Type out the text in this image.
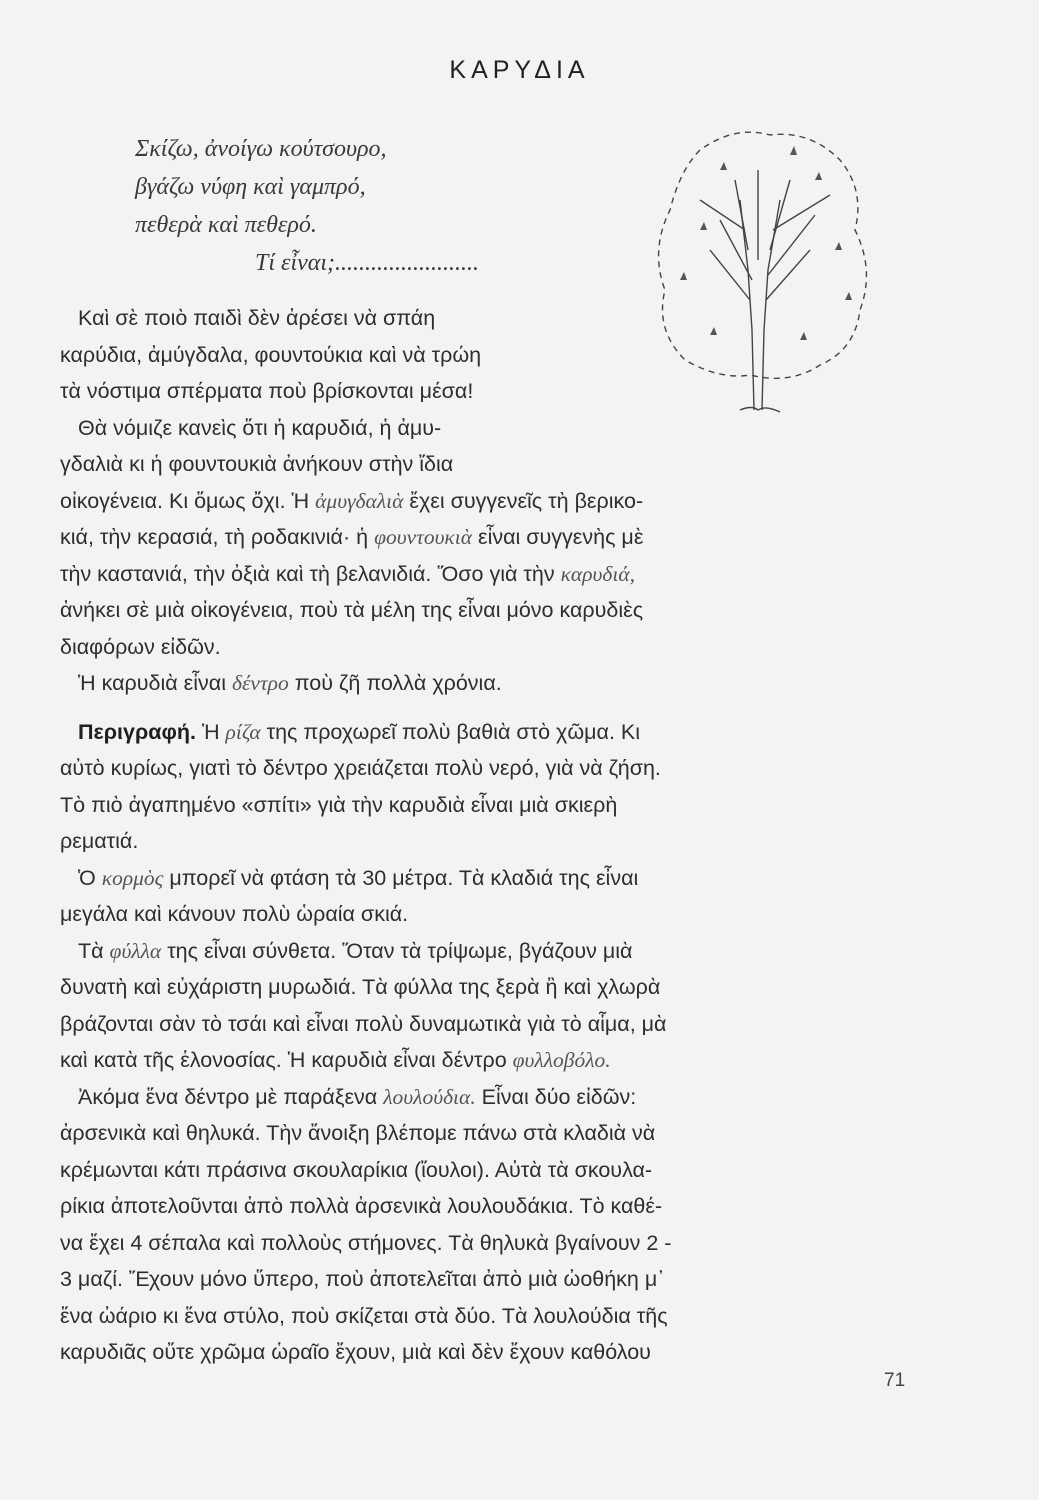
ΚΑΡΥΔΙΑ
Σκίζω, ἀνοίγω κούτσουρο,
βγάζω νύφη καὶ γαμπρό,
πεθερὰ καὶ πεθερό.
Τί εἶναι;........................
Καὶ σὲ ποιὸ παιδὶ δὲν ἀρέσει νὰ σπάη
καρύδια, ἀμύγδαλα, φουντούκια καὶ νὰ τρώη
τὰ νόστιμα σπέρματα ποὺ βρίσκονται μέσα!
Θὰ νόμιζε κανεὶς ὅτι ἡ καρυδιά, ἡ ἀμυ-
γδαλιὰ κι ἡ φουντουκιὰ ἀνήκουν στὴν ἴδια
οἰκογένεια. Κι ὅμως ὄχι. Ἡ ἀμυγδαλιὰ ἔχει συγγενεῖς τὴ βερικο-
κιά, τὴν κερασιά, τὴ ροδακινιά· ἡ φουντουκιὰ εἶναι συγγενὴς μὲ
τὴν καστανιά, τὴν ὀξιὰ καὶ τὴ βελανιδιά. Ὅσο γιὰ τὴν καρυδιά,
ἀνήκει σὲ μιὰ οἰκογένεια, ποὺ τὰ μέλη της εἶναι μόνο καρυδιὲς
διαφόρων εἰδῶν.
Ἡ καρυδιὰ εἶναι δέντρο ποὺ ζῆ πολλὰ χρόνια.
Περιγραφή. Ἡ ρίζα της προχωρεῖ πολὺ βαθιὰ στὸ χῶμα. Κι
αὐτὸ κυρίως, γιατὶ τὸ δέντρο χρειάζεται πολὺ νερό, γιὰ νὰ ζήση.
Τὸ πιὸ ἀγαπημένο «σπίτι» γιὰ τὴν καρυδιὰ εἶναι μιὰ σκιερὴ
ρεματιά.
Ὁ κορμὸς μπορεῖ νὰ φτάση τὰ 30 μέτρα. Τὰ κλαδιά της εἶναι
μεγάλα καὶ κάνουν πολὺ ὡραία σκιά.
Τὰ φύλλα της εἶναι σύνθετα. Ὅταν τὰ τρίψωμε, βγάζουν μιὰ
δυνατὴ καὶ εὐχάριστη μυρωδιά. Τὰ φύλλα της ξερὰ ἢ καὶ χλωρὰ
βράζονται σὰν τὸ τσάι καὶ εἶναι πολὺ δυναμωτικὰ γιὰ τὸ αἷμα, μὰ
καὶ κατὰ τῆς ἑλονοσίας. Ἡ καρυδιὰ εἶναι δέντρο φυλλοβόλο.
Ἀκόμα ἕνα δέντρο μὲ παράξενα λουλούδια. Εἶναι δύο εἰδῶν:
ἀρσενικὰ καὶ θηλυκά. Τὴν ἄνοιξη βλέπομε πάνω στὰ κλαδιὰ νὰ
κρέμωνται κάτι πράσινα σκουλαρίκια (ἴουλοι). Αὐτὰ τὰ σκουλα-
ρίκια ἀποτελοῦνται ἀπὸ πολλὰ ἀρσενικὰ λουλουδάκια. Τὸ καθέ-
να ἔχει 4 σέπαλα καὶ πολλοὺς στήμονες. Τὰ θηλυκὰ βγαίνουν 2 -
3 μαζί. Ἔχουν μόνο ὕπερο, ποὺ ἀποτελεῖται ἀπὸ μιὰ ὠοθήκη μ᾽
ἕνα ὠάριο κι ἕνα στύλο, ποὺ σκίζεται στὰ δύο. Τὰ λουλούδια τῆς
καρυδιᾶς οὔτε χρῶμα ὡραῖο ἔχουν, μιὰ καὶ δὲν ἔχουν καθόλου
71
